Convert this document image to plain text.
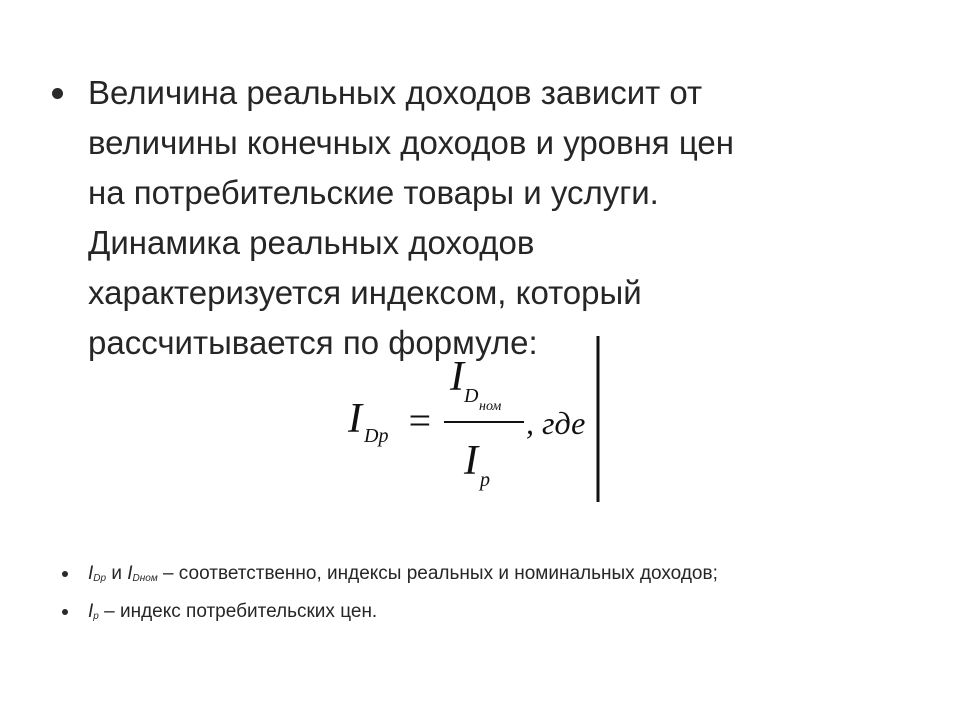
Величина реальных доходов зависит от
величины конечных доходов и уровня цен
на потребительские товары и услуги.
Динамика реальных доходов
характеризуется индексом, который
рассчитывается по формуле:
I Dp =
I D ном
I p
, где
$I_{Dp}$ и $I_{Dном}$ – соответственно, индексы реальных и номинальных доходов;
$I_p$ – индекс потребительских цен.
